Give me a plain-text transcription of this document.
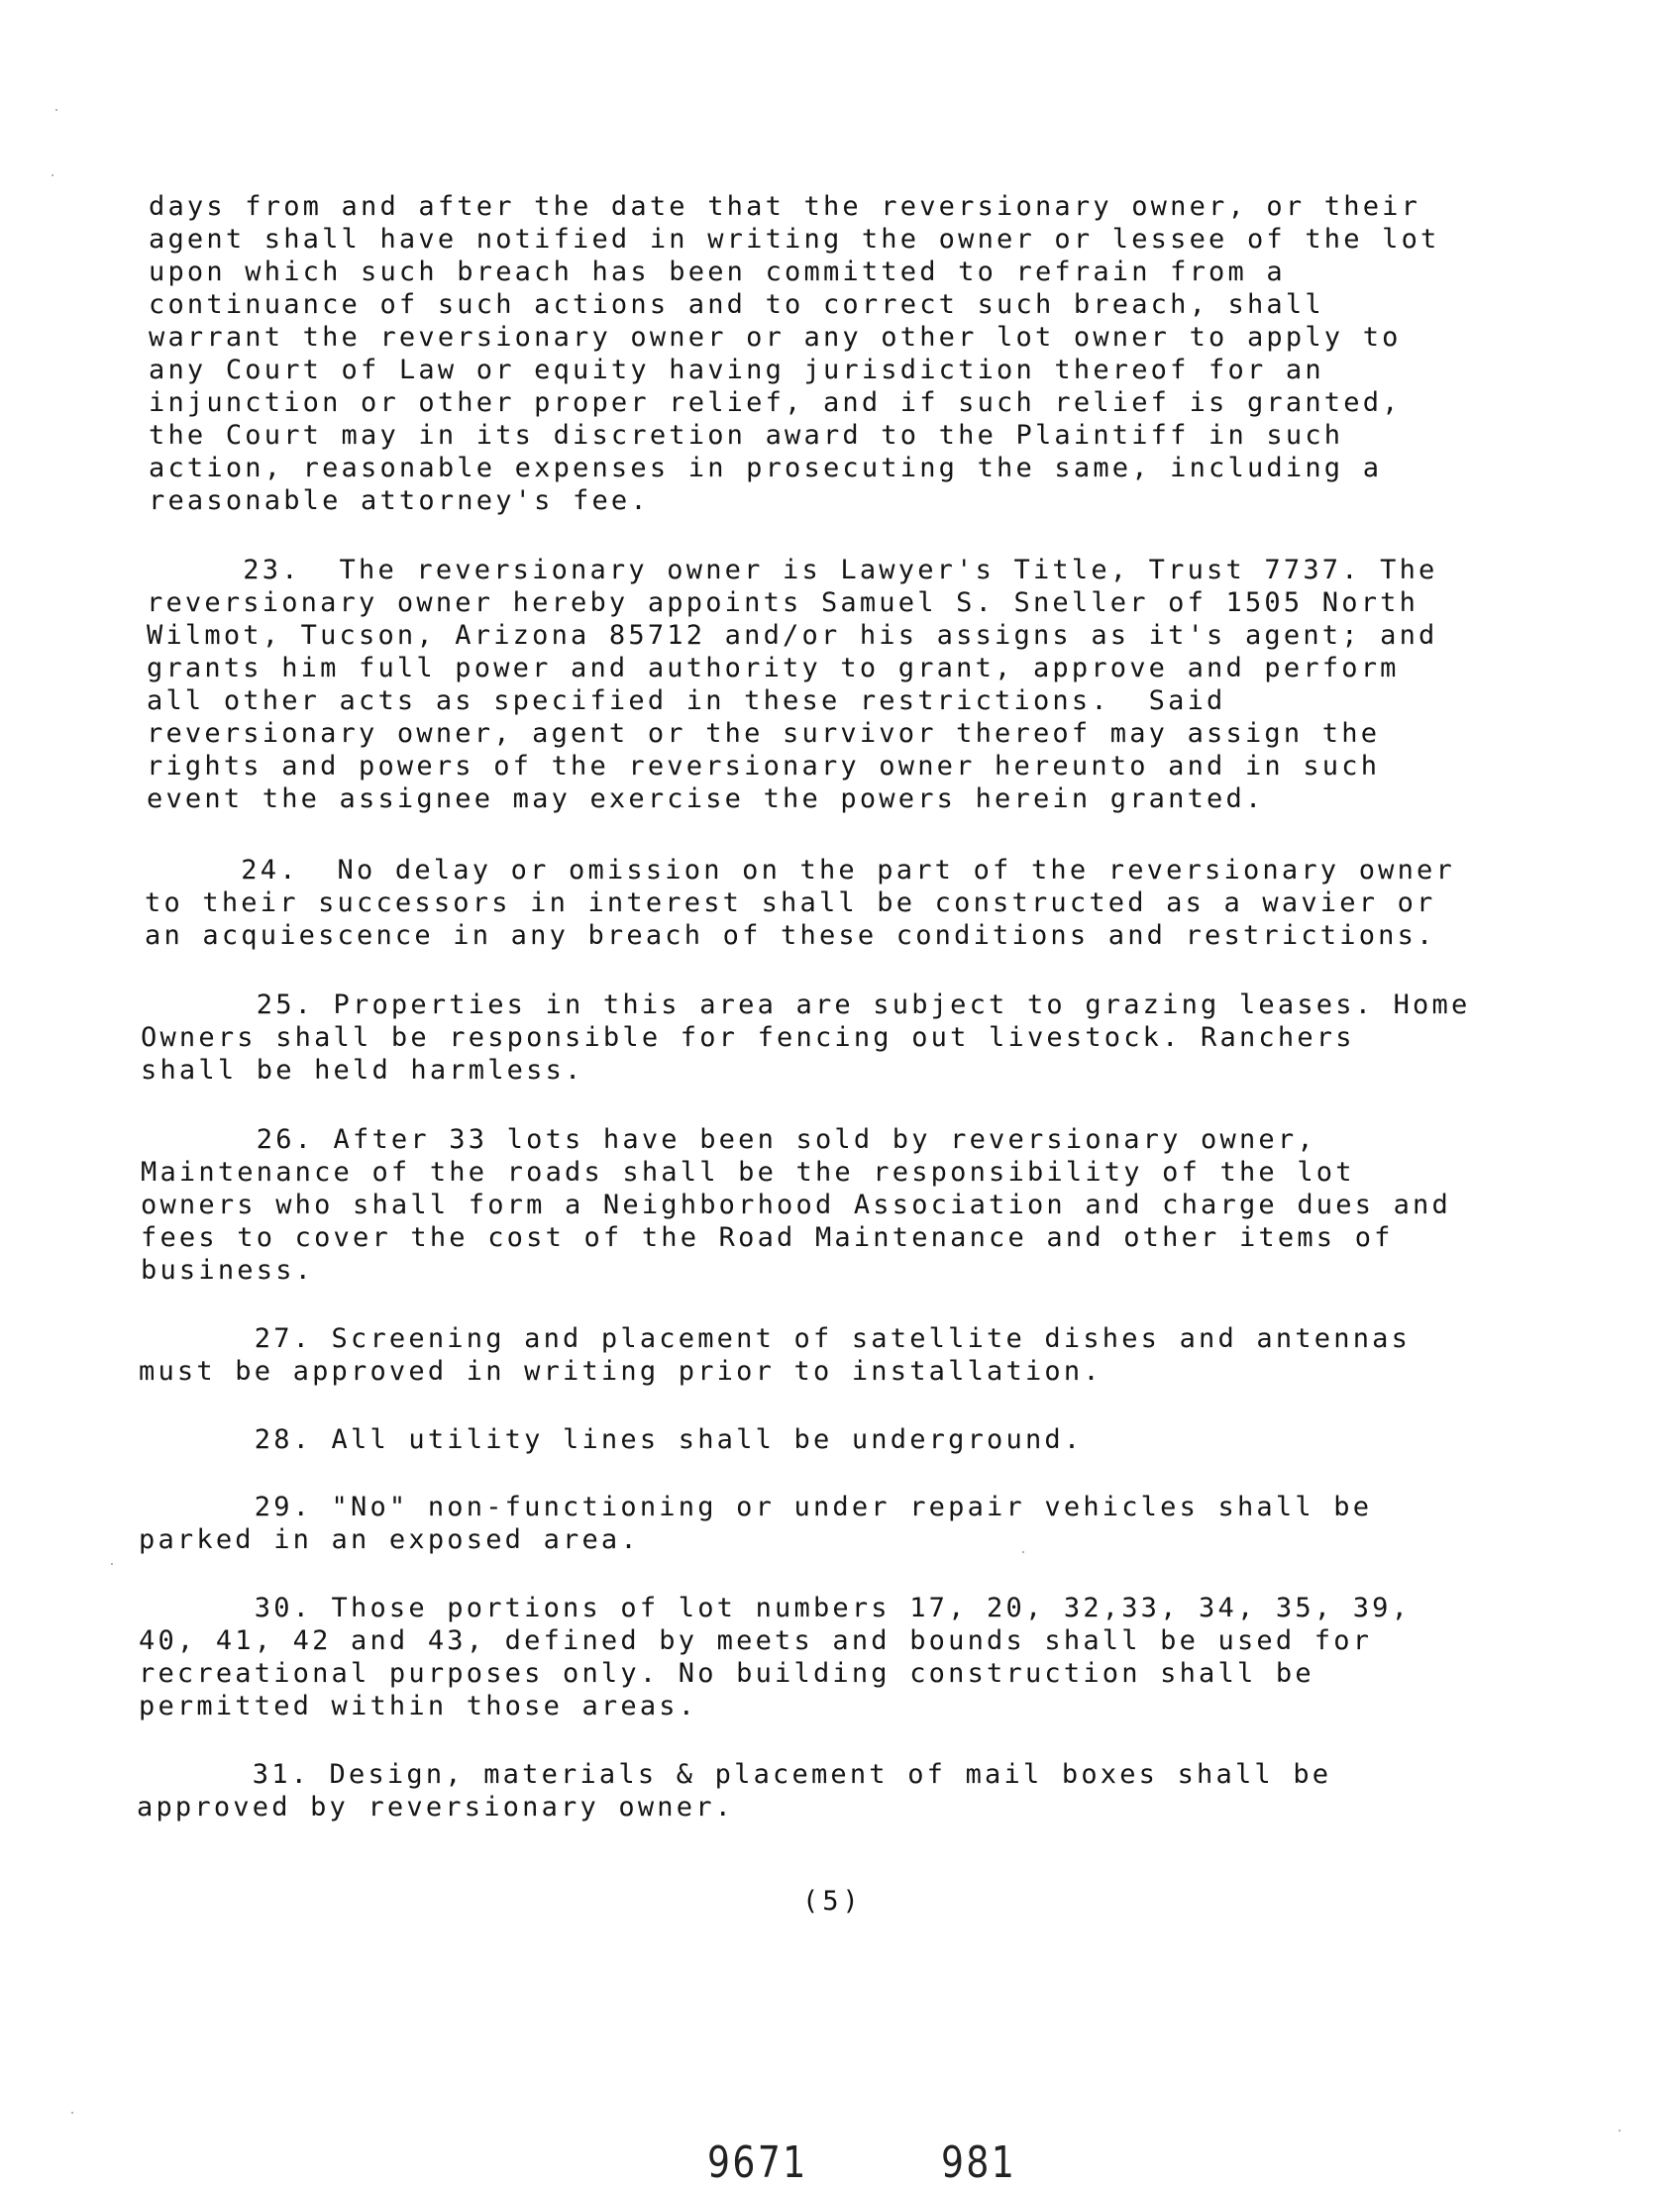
days from and after the date that the reversionary owner, or their
agent shall have notified in writing the owner or lessee of the lot
upon which such breach has been committed to refrain from a
continuance of such actions and to correct such breach, shall
warrant the reversionary owner or any other lot owner to apply to
any Court of Law or equity having jurisdiction thereof for an
injunction or other proper relief, and if such relief is granted,
the Court may in its discretion award to the Plaintiff in such
action, reasonable expenses in prosecuting the same, including a
reasonable attorney's fee.
23.  The reversionary owner is Lawyer's Title, Trust 7737. The
reversionary owner hereby appoints Samuel S. Sneller of 1505 North
Wilmot, Tucson, Arizona 85712 and/or his assigns as it's agent; and
grants him full power and authority to grant, approve and perform
all other acts as specified in these restrictions.  Said
reversionary owner, agent or the survivor thereof may assign the
rights and powers of the reversionary owner hereunto and in such
event the assignee may exercise the powers herein granted.
24.  No delay or omission on the part of the reversionary owner
to their successors in interest shall be constructed as a wavier or
an acquiescence in any breach of these conditions and restrictions.
25. Properties in this area are subject to grazing leases. Home
Owners shall be responsible for fencing out livestock. Ranchers
shall be held harmless.
26. After 33 lots have been sold by reversionary owner,
Maintenance of the roads shall be the responsibility of the lot
owners who shall form a Neighborhood Association and charge dues and
fees to cover the cost of the Road Maintenance and other items of
business.
27. Screening and placement of satellite dishes and antennas
must be approved in writing prior to installation.
28. All utility lines shall be underground.
29. "No" non-functioning or under repair vehicles shall be
parked in an exposed area.
30. Those portions of lot numbers 17, 20, 32,33, 34, 35, 39,
40, 41, 42 and 43, defined by meets and bounds shall be used for
recreational purposes only. No building construction shall be
permitted within those areas.
31. Design, materials & placement of mail boxes shall be
approved by reversionary owner.
(5)
9671	981
